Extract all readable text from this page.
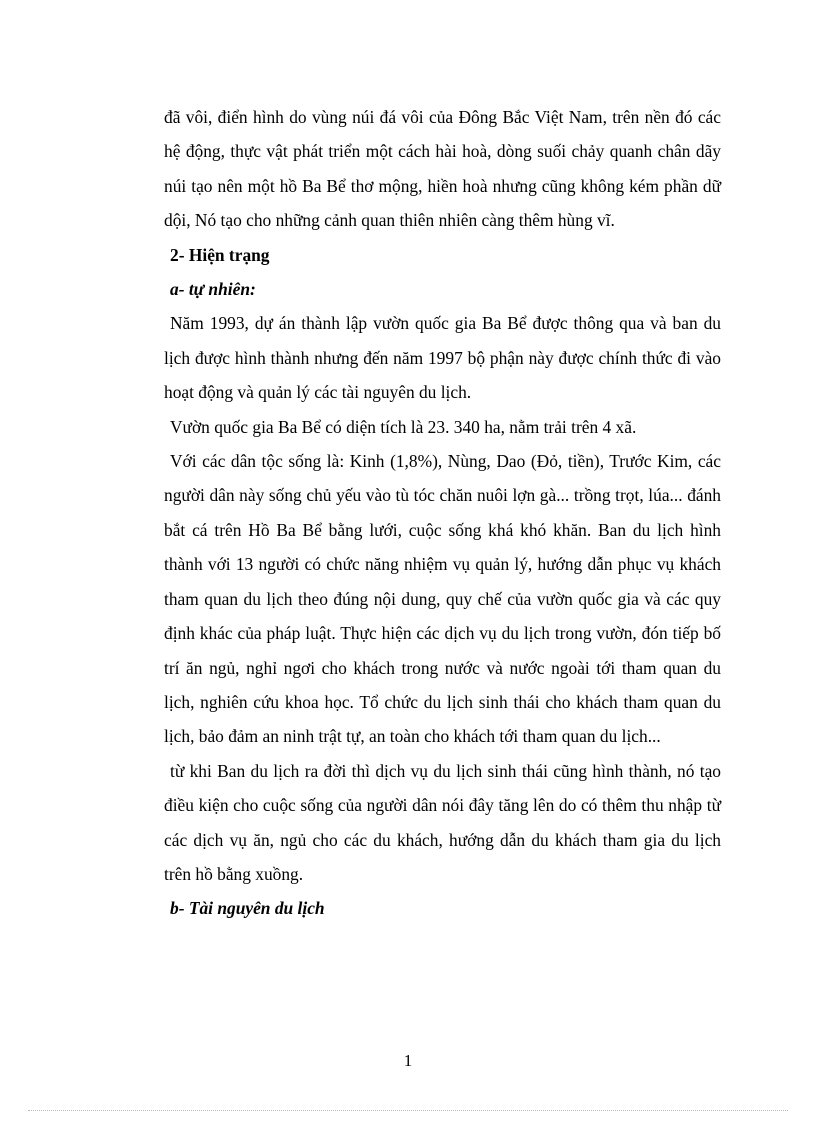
đã vôi, điển hình do vùng núi đá vôi của Đông Bắc Việt Nam, trên nền đó các hệ động, thực vật phát triển một cách hài hoà, dòng suối chảy quanh chân dãy núi tạo nên một hồ Ba Bể thơ mộng, hiền hoà nhưng cũng không kém phần dữ dội, Nó tạo cho những cảnh quan thiên nhiên càng thêm hùng vĩ.

2- Hiện trạng

a- tự nhiên:

Năm 1993, dự án thành lập vườn quốc gia Ba Bể được thông qua và ban du lịch được hình thành nhưng đến năm 1997 bộ phận này được chính thức đi vào hoạt động và quản lý các tài nguyên du lịch.

Vườn quốc gia Ba Bể có diện tích là 23. 340 ha, nằm trải trên 4 xã.

Với các dân tộc sống là: Kinh (1,8%), Nùng, Dao (Đỏ, tiền), Trước Kim, các người dân này sống chủ yếu vào tù tóc chăn nuôi lợn gà... trồng trọt, lúa... đánh bắt cá trên Hồ Ba Bể bằng lưới, cuộc sống khá khó khăn. Ban du lịch hình thành với 13 người có chức năng nhiệm vụ quản lý, hướng dẫn phục vụ khách tham quan du lịch theo đúng nội dung, quy chế của vườn quốc gia và các quy định khác của pháp luật. Thực hiện các dịch vụ du lịch trong vườn, đón tiếp bố trí ăn ngủ, nghỉ ngơi cho khách trong nước và nước ngoài tới tham quan du lịch, nghiên cứu khoa học. Tổ chức du lịch sinh thái cho khách tham quan du lịch, bảo đảm an ninh trật tự, an toàn cho khách tới tham quan du lịch...

từ khi Ban du lịch ra đời thì dịch vụ du lịch sinh thái cũng hình thành, nó tạo điều kiện cho cuộc sống của người dân nói đây tăng lên do có thêm thu nhập từ các dịch vụ ăn, ngủ cho các du khách, hướng dẫn du khách tham gia du lịch trên hồ bằng xuồng.

b- Tài nguyên du lịch

1
